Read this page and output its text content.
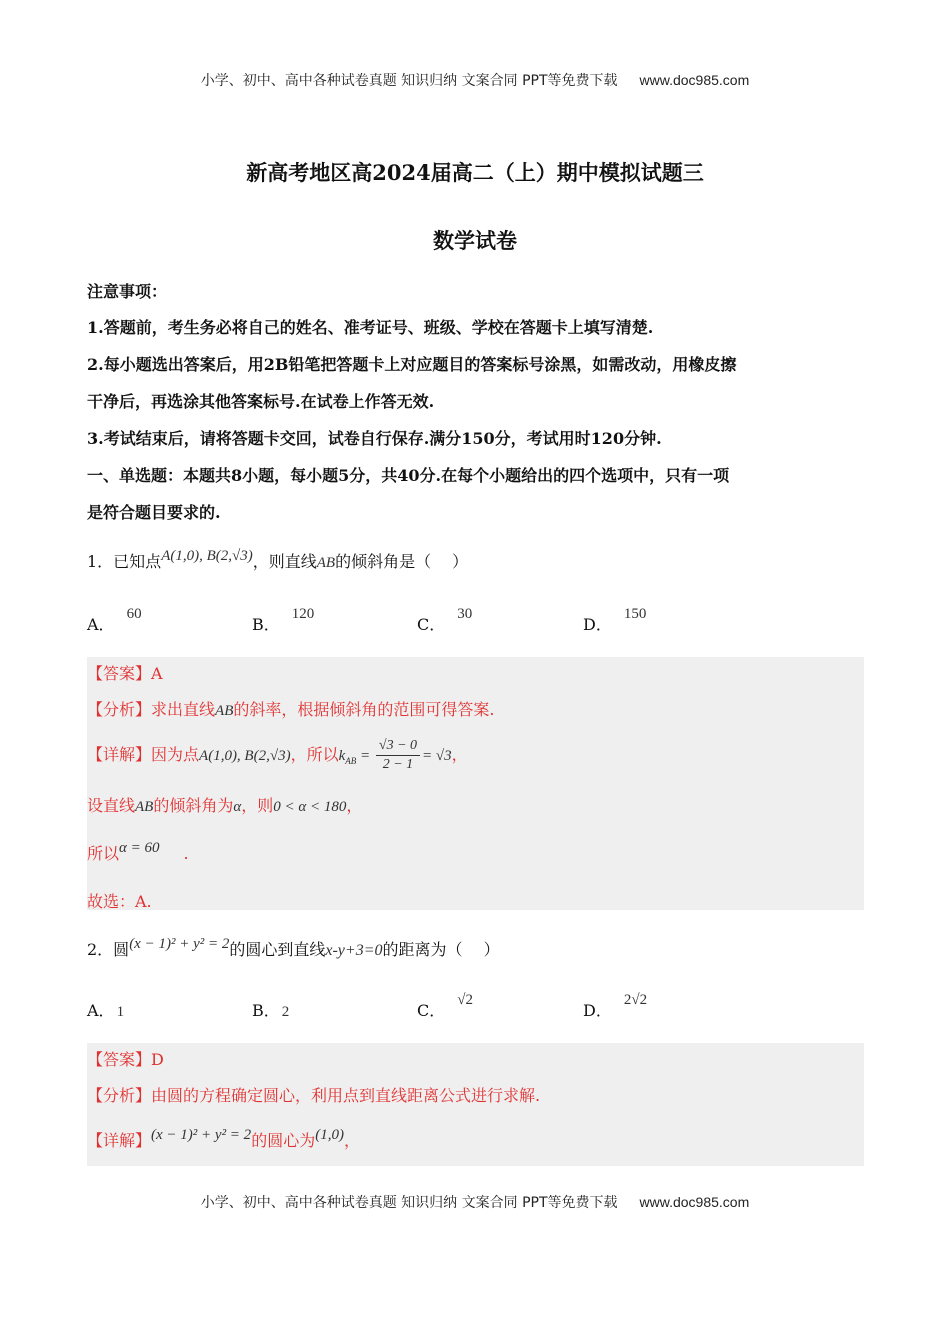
小学、初中、高中各种试卷真题 知识归纳 文案合同 PPT等免费下载 www.doc985.com
新高考地区高2024届高二（上）期中模拟试题三
数学试卷
注意事项：
1.答题前，考生务必将自己的姓名、准考证号、班级、学校在答题卡上填写清楚.
2.每小题选出答案后，用2B铅笔把答题卡上对应题目的答案标号涂黑，如需改动，用橡皮擦
干净后，再选涂其他答案标号.在试卷上作答无效.
3.考试结束后，请将答题卡交回，试卷自行保存.满分150分，考试用时120分钟.
一、单选题：本题共8小题，每小题5分，共40分.在每个小题给出的四个选项中，只有一项
是符合题目要求的.
1．已知点A(1,0), B(2,√3)，则直线AB的倾斜角是（　 ）
A．60
B．120
C．30
D．150
【答案】A
【分析】求出直线AB的斜率，根据倾斜角的范围可得答案.
【详解】因为点A(1,0), B(2,√3)，所以$k_{AB} = \frac{√3 - 0}{2 - 1} = √3$，
设直线AB的倾斜角为α，则0 < α < 180，
所以α = 60 .
故选：A.
2．圆(x − 1)² + y² = 2的圆心到直线x-y+3=0的距离为（　 ）
A． 1	B． 2	C．√2
D．2√2
【答案】D
【分析】由圆的方程确定圆心，利用点到直线距离公式进行求解.
【详解】(x − 1)² + y² = 2的圆心为(1,0)，
小学、初中、高中各种试卷真题 知识归纳 文案合同 PPT等免费下载 www.doc985.com
